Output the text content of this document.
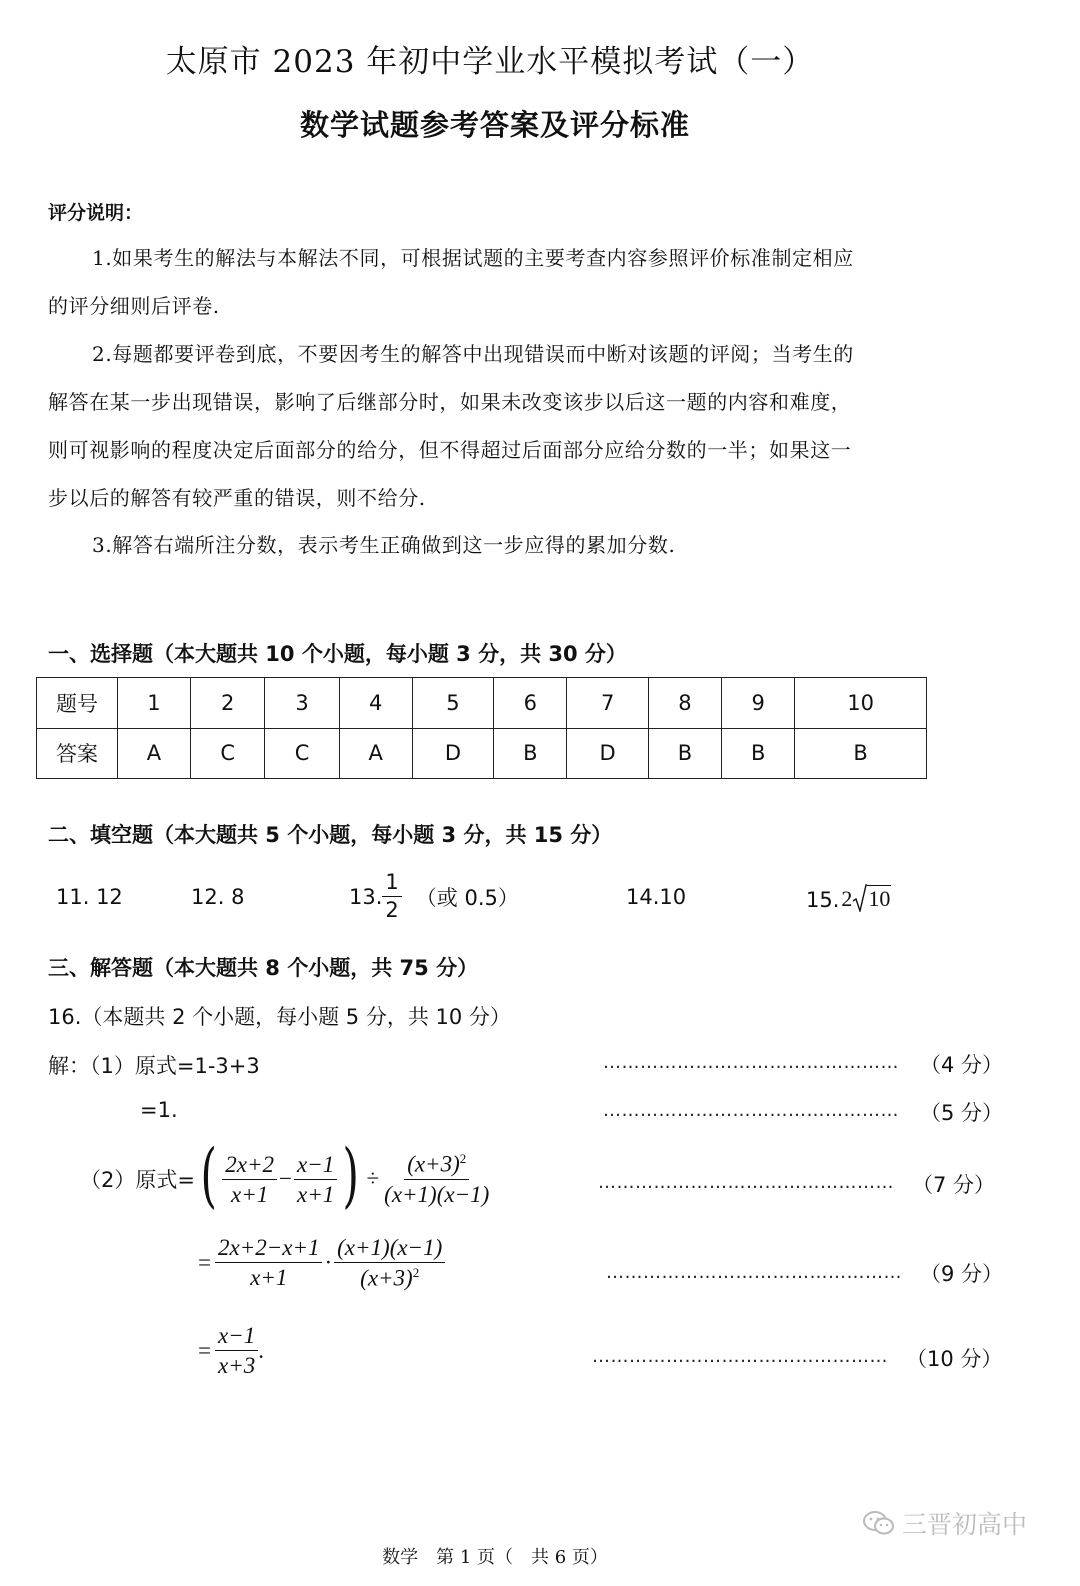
太原市 2023 年初中学业水平模拟考试（一）
数学试题参考答案及评分标准
评分说明：
1.如果考生的解法与本解法不同，可根据试题的主要考查内容参照评价标准制定相应
的评分细则后评卷.
2.每题都要评卷到底，不要因考生的解答中出现错误而中断对该题的评阅；当考生的
解答在某一步出现错误，影响了后继部分时，如果未改变该步以后这一题的内容和难度，
则可视影响的程度决定后面部分的给分，但不得超过后面部分应给分数的一半；如果这一
步以后的解答有较严重的错误，则不给分.
3.解答右端所注分数，表示考生正确做到这一步应得的累加分数.
一、选择题（本大题共 10 个小题，每小题 3 分，共 30 分）
题号	1	2	3	4	5	6	7	8	9	10
答案	A	C	C	A	D	B	D	B	B	B
二、填空题（本大题共 5 个小题，每小题 3 分，共 15 分）
11. 12	12. 8	13. $\frac{1}{2}$ （或 0.5）	14.10	15. 2 10
三、解答题（本大题共 8 个小题，共 75 分）
16.（本题共 2 个小题，每小题 5 分，共 10 分）
解：（1）原式=1-3+3	………………………………………… （4 分）
=1.	………………………………………… （5 分）
（2）原式= ( $\frac{2x+2}{x+1} - \frac{x-1}{x+1}$ ) ÷ $\frac{(x+3)^2}{(x+1)(x-1)}$	………………………………………… （7 分）
= $\frac{2x+2-x+1}{x+1} \cdot \frac{(x+1)(x-1)}{(x+3)^2}$	………………………………………… （9 分）
= $\frac{x-1}{x+3}$ .	………………………………………… （10 分）
数学　第 1 页（　共 6 页）
三晋初高中
